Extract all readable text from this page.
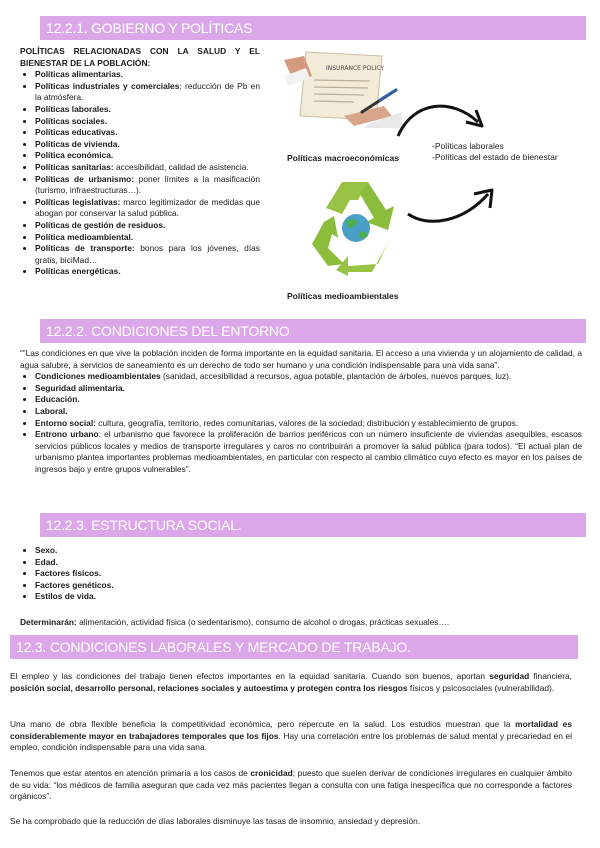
12.2.1. GOBIERNO Y POLÍTICAS
POLÍTICAS RELACIONADAS CON LA SALUD Y EL BIENESTAR DE LA POBLACIÓN:
• Políticas alimentarias.
• Políticas industriales y comerciales: reducción de Pb en la atmósfera.
• Políticas laborales.
• Políticas sociales.
• Políticas educativas.
• Políticas de vivienda.
• Política económica.
• Políticas sanitarias: accesibilidad, calidad de asistencia.
• Políticas de urbanismo: poner límites a la masificación (turismo, infraestructuras…).
• Políticas legislativas: marco legitimizador de medidas que abogan por conservar la salud pública.
• Políticas de gestión de residuos.
• Política medioambiental.
• Políticas de transporte: bonos para los jóvenes, días gratis, biciMad…
• Políticas energéticas.
INSURANCE POLICY
Políticas macroeconómicas
-Políticas laborales
-Políticas del estado de bienestar
Políticas medioambientales
12.2.2. CONDICIONES DEL ENTORNO
“”Las condiciones en que vive la población inciden de forma importante en la equidad sanitaria. El acceso a una vivienda y un alojamiento de calidad, a agua salubre, a servicios de saneamiento es un derecho de todo ser humano y una condición indispensable para una vida sana”.
• Condiciones medioambientales (sanidad, accesibilidad a recursos, agua potable, plantación de árboles, nuevos parques, luz).
• Seguridad alimentaria.
• Educación.
• Laboral.
• Entorno social: cultura, geografía, territorio, redes comunitarias, valores de la sociedad; distribución y establecimiento de grupos.
• Entrono urbano: el urbanismo que favorece la proliferación de barrios periféricos con un número insuficiente de viviendas asequibles, escasos servicios públicos locales y medios de transporte irregulares y caros no contribuirán a promover la salud pública (para todos). “El actual plan de urbanismo plantea importantes problemas medioambientales, en particular con respecto al cambio climático cuyo efecto es mayor en los países de ingresos bajo y entre grupos vulnerables”.
12.2.3. ESTRUCTURA SOCIAL.
• Sexo.
• Edad.
• Factores físicos.
• Factores genéticos.
• Estilos de vida.
Determinarán: alimentación, actividad física (o sedentarismo), consumo de alcohol o drogas, prácticas sexuales….
12.3. CONDICIONES LABORALES Y MERCADO DE TRABAJO.
El empleo y las condiciones del trabajo tienen efectos importantes en la equidad sanitaria. Cuando son buenos, aportan seguridad financiera, posición social, desarrollo personal, relaciones sociales y autoestima y protegen contra los riesgos físicos y psicosociales (vulnerabilidad).
Una mano de obra flexible beneficia la competitividad económica, pero repercute en la salud. Los estudios muestran que la mortalidad es considerablemente mayor en trabajadores temporales que los fijos. Hay una correlación entre los problemas de salud mental y precariedad en el empleo, condición indispensable para una vida sana.
Tenemos que estar atentos en atención primaria a los casos de cronicidad; puesto que suelen derivar de condiciones irregulares en cualquier ámbito de su vida: “los médicos de familia aseguran que cada vez más pacientes llegan a consulta con una fatiga inespecífica que no corresponde a factores orgánicos”.
Se ha comprobado que la reducción de días laborales disminuye las tasas de insomnio, ansiedad y depresión.
